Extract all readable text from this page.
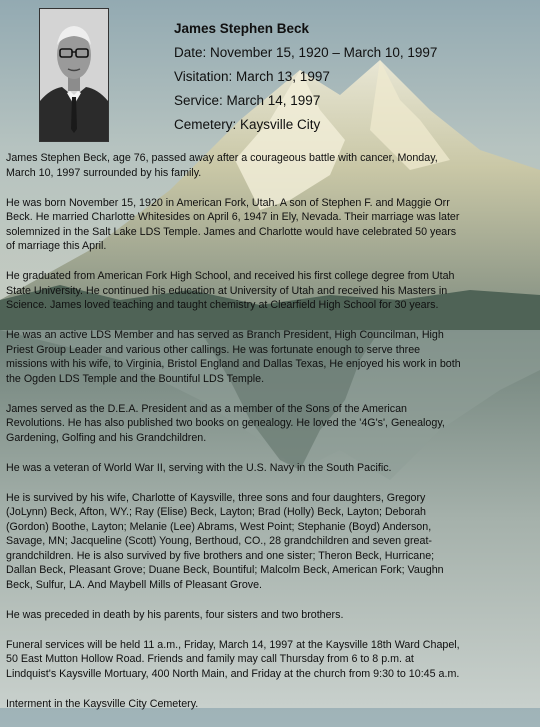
James Stephen Beck
Date: November 15, 1920 – March 10, 1997
Visitation: March 13, 1997
Service: March 14, 1997
Cemetery: Kaysville City

James Stephen Beck, age 76, passed away after a courageous battle with cancer, Monday,
March 10, 1997 surrounded by his family.

He was born November 15, 1920 in American Fork, Utah. A son of Stephen F. and Maggie Orr
Beck. He married Charlotte Whitesides on April 6, 1947 in Ely, Nevada. Their marriage was later
solemnized in the Salt Lake LDS Temple. James and Charlotte would have celebrated 50 years
of marriage this April.

He graduated from American Fork High School, and received his first college degree from Utah
State University. He continued his education at University of Utah and received his Masters in
Science. James loved teaching and taught chemistry at Clearfield High School for 30 years.

He was an active LDS Member and has served as Branch President, High Councilman, High
Priest Group Leader and various other callings. He was fortunate enough to serve three
missions with his wife, to Virginia, Bristol England and Dallas Texas, He enjoyed his work in both
the Ogden LDS Temple and the Bountiful LDS Temple.

James served as the D.E.A. President and as a member of the Sons of the American
Revolutions. He has also published two books on genealogy. He loved the '4G's', Genealogy,
Gardening, Golfing and his Grandchildren.

He was a veteran of World War II, serving with the U.S. Navy in the South Pacific.

He is survived by his wife, Charlotte of Kaysville, three sons and four daughters, Gregory
(JoLynn) Beck, Afton, WY.; Ray (Elise) Beck, Layton; Brad (Holly) Beck, Layton; Deborah
(Gordon) Boothe, Layton; Melanie (Lee) Abrams, West Point; Stephanie (Boyd) Anderson,
Savage, MN; Jacqueline (Scott) Young, Berthoud, CO., 28 grandchildren and seven great-
grandchildren. He is also survived by five brothers and one sister; Theron Beck, Hurricane;
Dallan Beck, Pleasant Grove; Duane Beck, Bountiful; Malcolm Beck, American Fork; Vaughn
Beck, Sulfur, LA. And Maybell Mills of Pleasant Grove.

He was preceded in death by his parents, four sisters and two brothers.

Funeral services will be held 11 a.m., Friday, March 14, 1997 at the Kaysville 18th Ward Chapel,
50 East Mutton Hollow Road. Friends and family may call Thursday from 6 to 8 p.m. at
Lindquist's Kaysville Mortuary, 400 North Main, and Friday at the church from 9:30 to 10:45 a.m.

Interment in the Kaysville City Cemetery.
